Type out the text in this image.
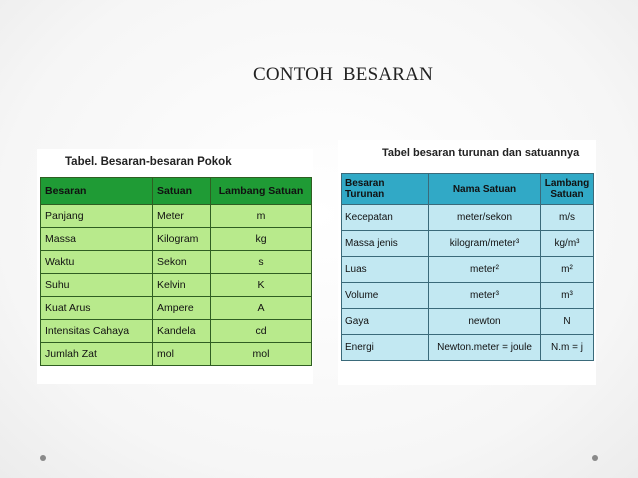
CONTOH  BESARAN
Tabel. Besaran-besaran Pokok
Besaran	Satuan	Lambang Satuan
Panjang	Meter	m
Massa	Kilogram	kg
Waktu	Sekon	s
Suhu	Kelvin	K
Kuat Arus	Ampere	A
Intensitas Cahaya	Kandela	cd
Jumlah Zat	mol	mol
Tabel besaran turunan dan satuannya
Besaran Turunan	Nama Satuan	Lambang Satuan
Kecepatan	meter/sekon	m/s
Massa jenis	kilogram/meter³	kg/m³
Luas	meter²	m²
Volume	meter³	m³
Gaya	newton	N
Energi	Newton.meter = joule	N.m = j
